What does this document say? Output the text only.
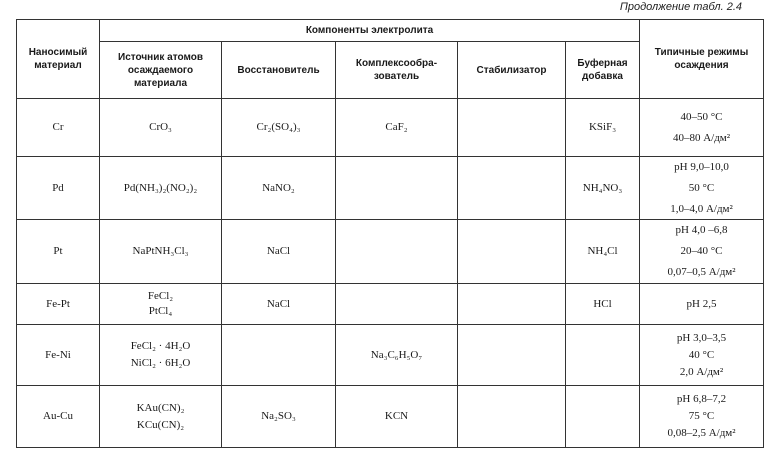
Продолжение табл. 2.4
Наносимый материал	Компоненты электролита					Типичные режимы осаждения
	Источник атомов осаждаемого материала	Восстановитель	Комплексообра-зователь	Стабилизатор	Буферная добавка	
Cr	CrO₃	Cr₂(SO₄)₃	CaF₂		KSiF₃	40–50 °C
40–80 А/дм²

Pd	Pd(NH₃)₂(NO₂)₂	NaNO₂			NH₄NO₃	pH 9,0–10,0
50 °C
1,0–4,0 А/дм²

Pt	NaPtNH₃Cl₃	NaCl			NH₄Cl	pH 4,0 –6,8
20–40 °C
0,07–0,5 А/дм²

Fe-Pt	FeCl₂
PtCl₄	NaCl			HCl	pH 2,5

Fe-Ni	FeCl₂ · 4H₂O
NiCl₂ · 6H₂O		Na₃C₆H₅O₇			pH 3,0–3,5
40 °C
2,0 А/дм²

Au-Cu	KAu(CN)₂
KCu(CN)₂	Na₂SO₃	KCN			pH 6,8–7,2
75 °C
0,08–2,5 А/дм²
